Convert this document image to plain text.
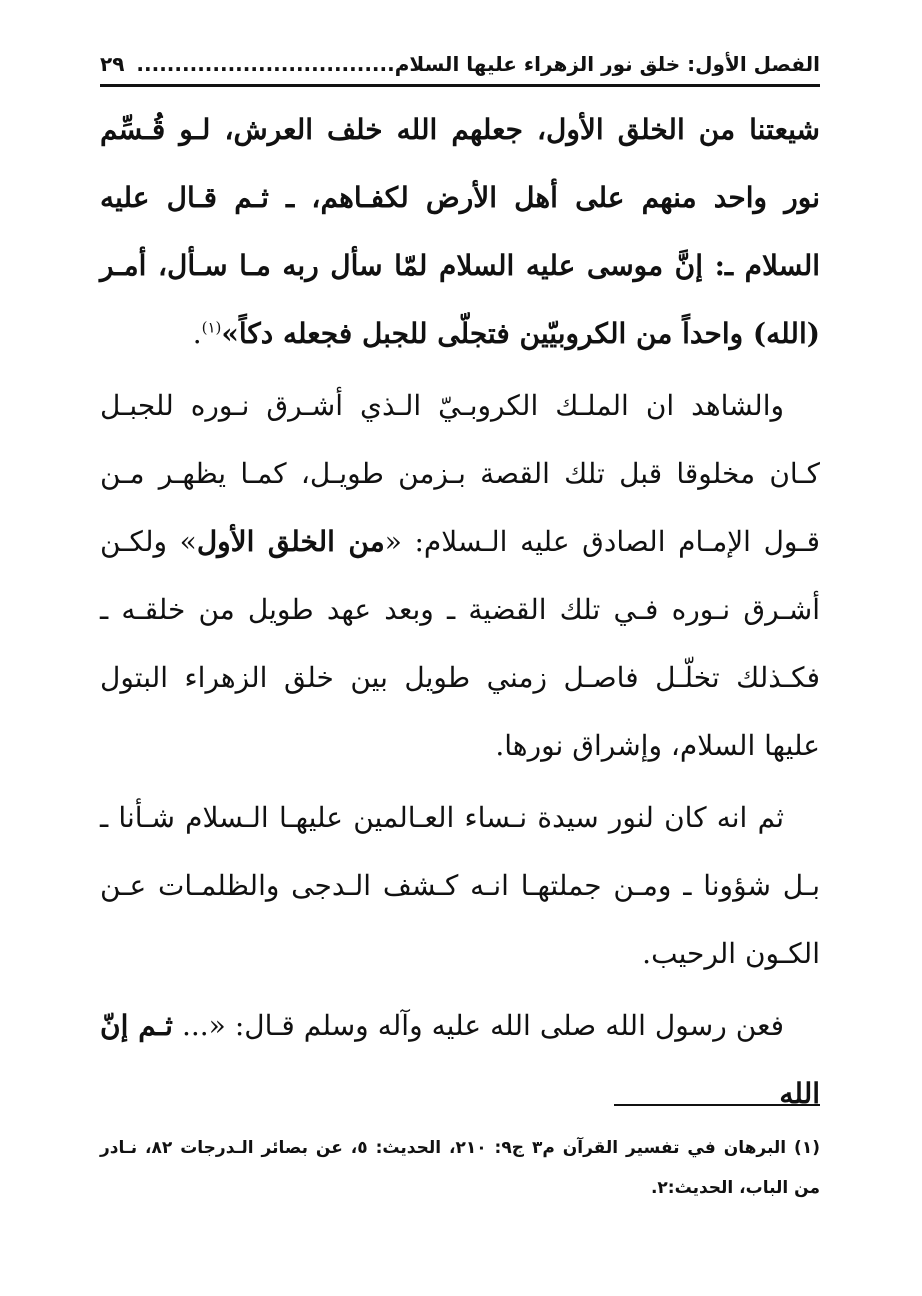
الفصل الأول: خلق نور الزهراء عليها السلام..................................
٢٩

شيعتنا من الخلق الأول، جعلهم الله خلف العرش، لـو قُـسِّم نور واحد منهم على أهل الأرض لكفـاهم، ـ ثـم قـال عليه السلام ـ: إنَّ موسى عليه السلام لمّا سأل ربه مـا سـأل، أمـر (الله) واحداً من الكروبيّين فتجلّى للجبل فجعله دكاً»$^{(١)}$.

والشاهد ان الملـك الكروبـيّ الـذي أشـرق نـوره للجبـل كـان مخلوقا قبل تلك القصة بـزمن طويـل، كمـا يظهـر مـن قـول الإمـام الصادق عليه الـسلام: «من الخلق الأول» ولكـن أشـرق نـوره فـي تلك القضية ـ وبعد عهد طويل من خلقـه ـ فكـذلك تخلّـل فاصـل زمني طويل بين خلق الزهراء البتول عليها السلام، وإشراق نورها.

ثم انه كان لنور سيدة نـساء العـالمين عليهـا الـسلام شـأنا ـ بـل شؤونا ـ ومـن جملتهـا انـه كـشف الـدجى والظلمـات عـن الكـون الرحيب.

فعن رسول الله صلى الله عليه وآله وسلم قـال: «... ثـم إنّ الله

(١) البرهان في تفسير القرآن م٣ ج٩: ٢١٠، الحديث: ٥، عن بصائر الـدرجات ٨٢، نـادر من الباب، الحديث:٢.
